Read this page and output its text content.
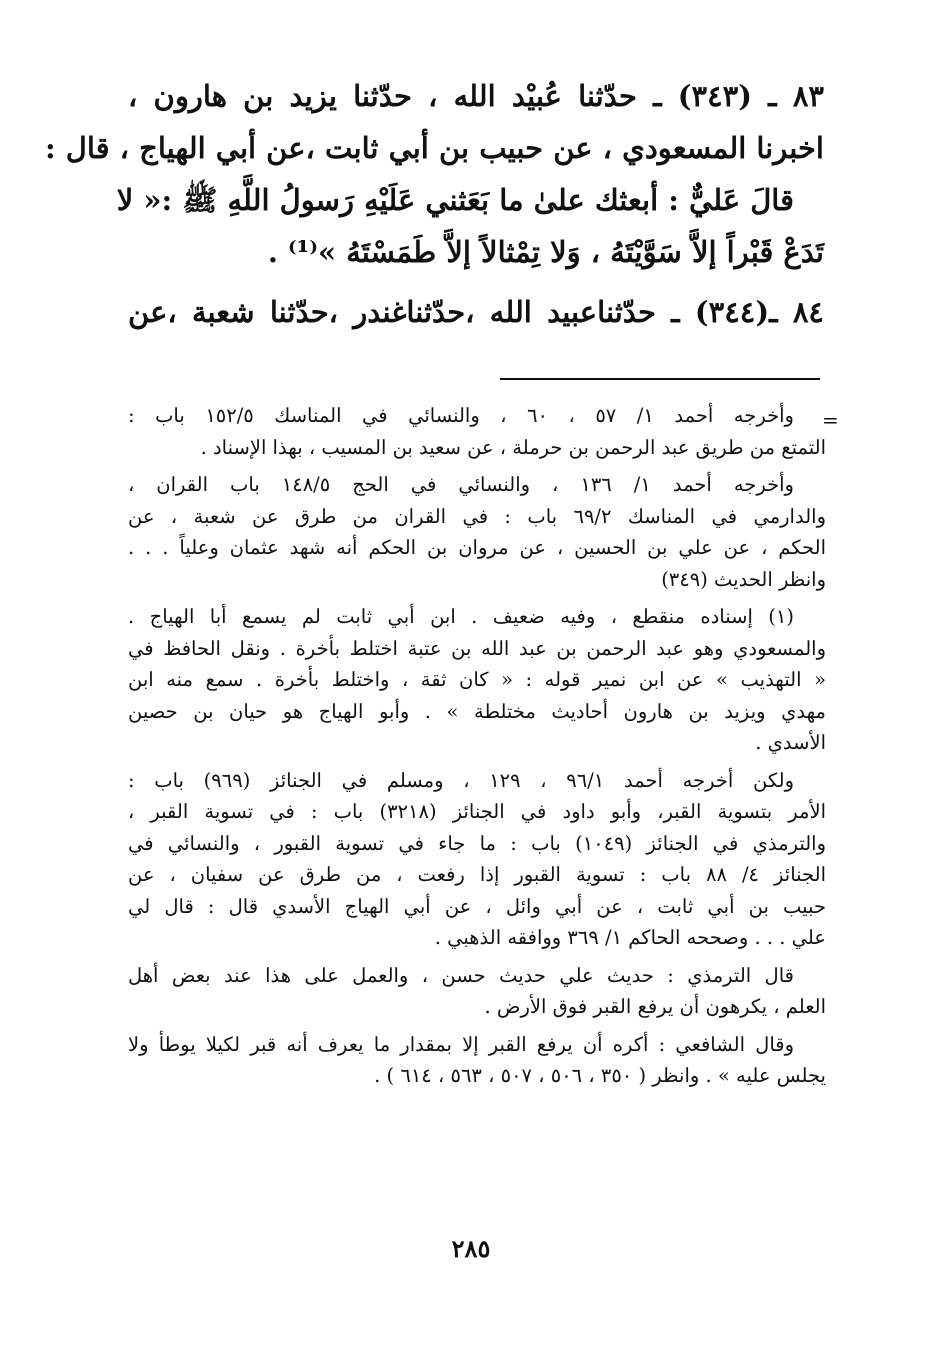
٨٣ ـ (٣٤٣) ـ حدّثنا عُبيْد الله ، حدّثنا يزيد بن هارون ،
اخبرنا المسعودي ، عن حبيب بن أبي ثابت ،عن أبي الهياج ، قال :
قالَ عَليٌّ : أبعثك علىٰ ما بَعَثني عَلَيْهِ رَسولُ اللَّهِ ﷺ :« لا
تَدَعْ قَبْراً إلاَّ سَوَّيْتَهُ ، وَلا تِمْثالاً إلاَّ طَمَسْتَهُ »⁽¹⁾ .
٨٤ ـ(٣٤٤) ـ حدّثناعبيد الله ،حدّثناغندر ،حدّثنا شعبة ،عن
=
وأخرجه أحمد ١/ ٥٧ ، ٦٠ ، والنسائي في المناسك ١٥٢/٥ باب :
التمتع من طريق عبد الرحمن بن حرملة ، عن سعيد بن المسيب ، بهذا الإسناد .
وأخرجه أحمد ١/ ١٣٦ ، والنسائي في الحج ١٤٨/٥ باب القران ،
والدارمي في المناسك ٦٩/٢ باب : في القران من طرق عن شعبة ، عن
الحكم ، عن علي بن الحسين ، عن مروان بن الحكم أنه شهد عثمان وعلياً . . .
وانظر الحديث (٣٤٩)
(١) إسناده منقطع ، وفيه ضعيف . ابن أبي ثابت لم يسمع أبا الهياج .
والمسعودي وهو عبد الرحمن بن عبد الله بن عتبة اختلط بأخرة . ونقل الحافظ في
« التهذيب » عن ابن نمير قوله : « كان ثقة ، واختلط بأخرة . سمع منه ابن
مهدي ويزيد بن هارون أحاديث مختلطة » . وأبو الهياج هو حيان بن حصين
الأسدي .
ولكن أخرجه أحمد ٩٦/١ ، ١٢٩ ، ومسلم في الجنائز (٩٦٩) باب :
الأمر بتسوية القبر، وأبو داود في الجنائز (٣٢١٨) باب : في تسوية القبر ،
والترمذي في الجنائز (١٠٤٩) باب : ما جاء في تسوية القبور ، والنسائي في
الجنائز ٤/ ٨٨ باب : تسوية القبور إذا رفعت ، من طرق عن سفيان ، عن
حبيب بن أبي ثابت ، عن أبي وائل ، عن أبي الهياج الأسدي قال : قال لي
علي . . . وصححه الحاكم ١/ ٣٦٩ ووافقه الذهبي .
قال الترمذي : حديث علي حديث حسن ، والعمل على هذا عند بعض أهل
العلم ، يكرهون أن يرفع القبر فوق الأرض .
وقال الشافعي : أكره أن يرفع القبر إلا بمقدار ما يعرف أنه قبر لكيلا يوطأ ولا
يجلس عليه » . وانظر ( ٣٥٠ ، ٥٠٦ ، ٥٠٧ ، ٥٦٣ ، ٦١٤ ) .
٢٨٥
